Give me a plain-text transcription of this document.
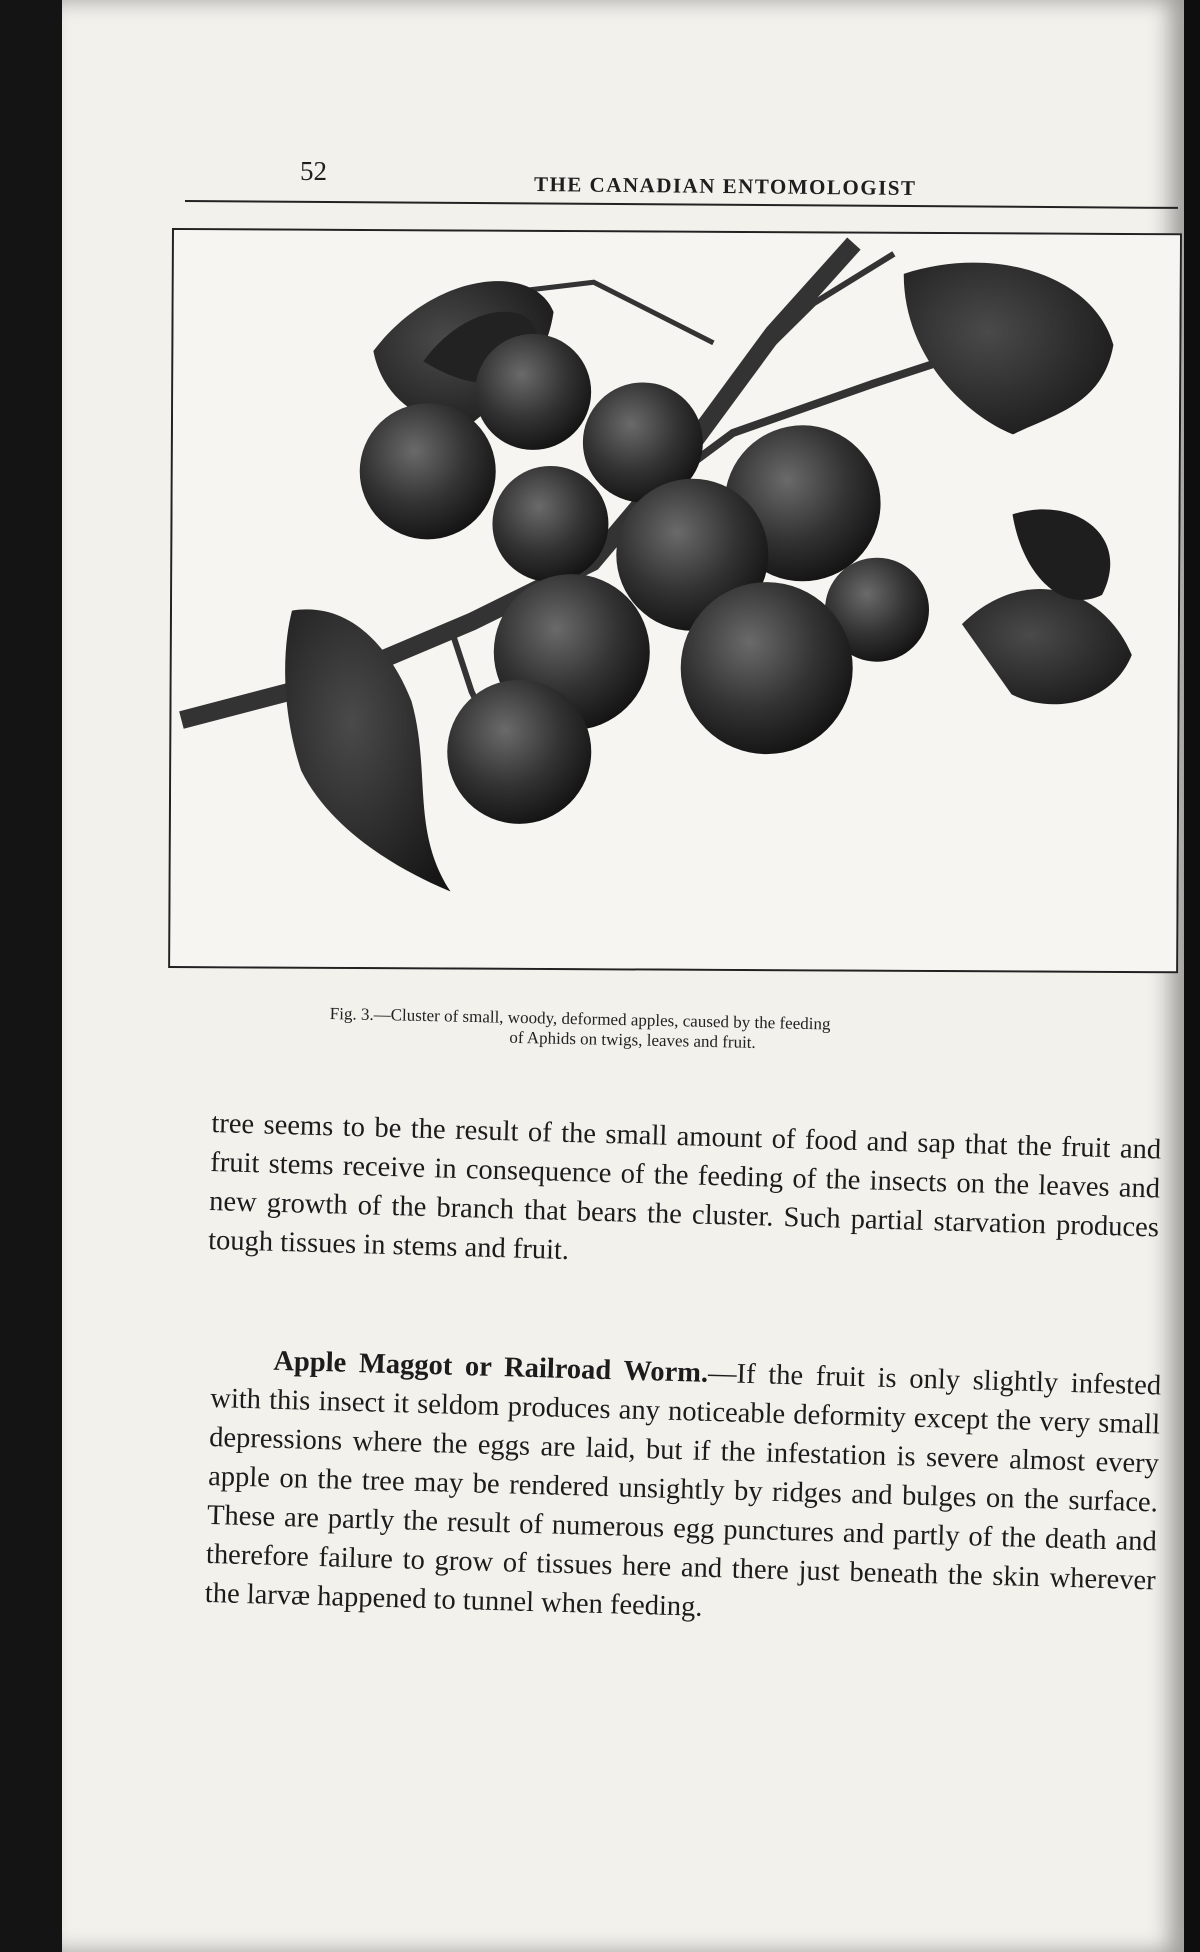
52
THE CANADIAN ENTOMOLOGIST
Fig. 3.—Cluster of small, woody, deformed apples, caused by the feeding
of Aphids on twigs, leaves and fruit.
tree seems to be the result of the small amount of food and sap that the fruit and fruit stems receive in consequence of the feeding of the insects on the leaves and new growth of the branch that bears the cluster. Such partial starvation produces tough tissues in stems and fruit.
Apple Maggot or Railroad Worm.—If the fruit is only slightly infested with this insect it seldom produces any noticeable deformity except the very small depressions where the eggs are laid, but if the infestation is severe almost every apple on the tree may be rendered unsightly by ridges and bulges on the surface. These are partly the result of numerous egg punctures and partly of the death and therefore failure to grow of tissues here and there just beneath the skin wherever the larvæ happened to tunnel when feeding.
